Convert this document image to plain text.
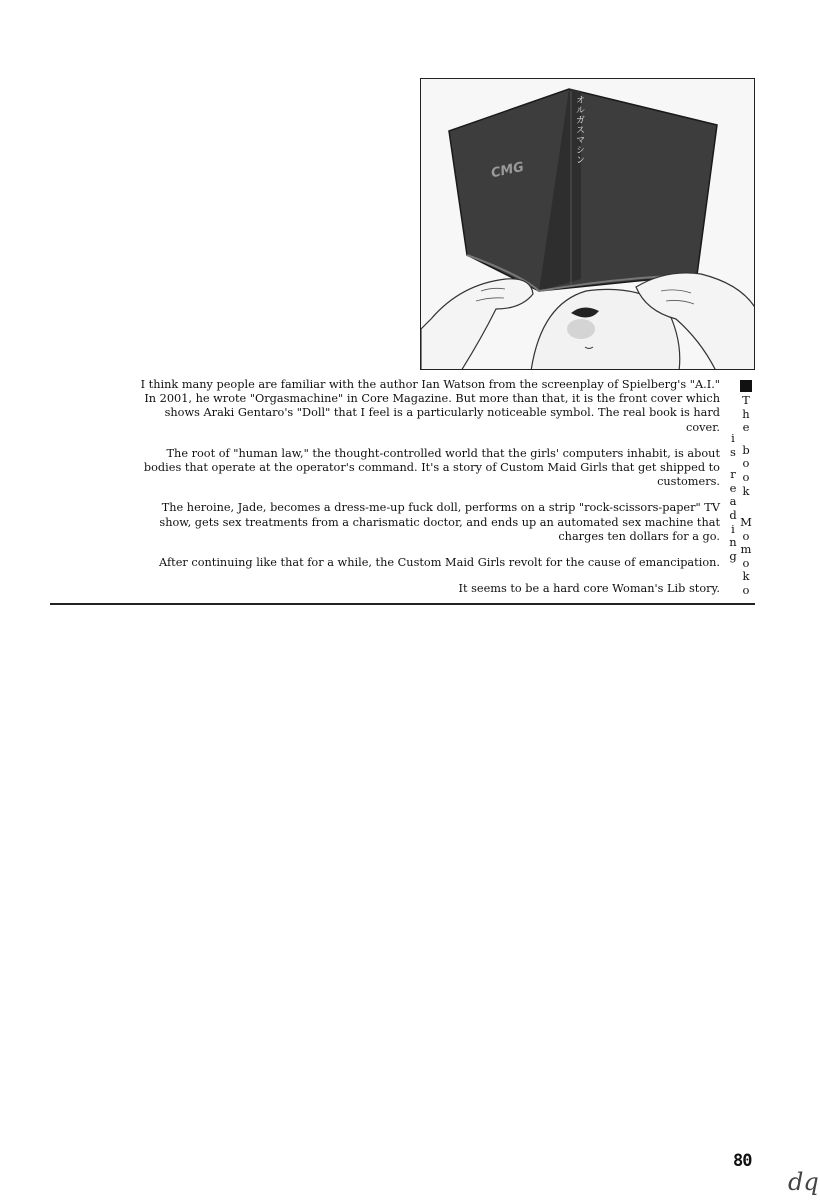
オルガスマシン
CMG

I think many people are familiar with the author Ian Watson from the screenplay of Spielberg's "A.I." In 2001, he wrote "Orgasmachine" in Core Magazine. But more than that, it is the front cover which shows Araki Gentaro's "Doll" that I feel is a particularly noticeable symbol. The real book is hard cover.

The root of "human law," the thought-controlled world that the girls' computers inhabit, is about bodies that operate at the operator's command. It's a story of Custom Maid Girls that get shipped to customers.

The heroine, Jade, becomes a dress-me-up fuck doll, performs on a strip "rock-scissors-paper" TV show, gets sex treatments from a charismatic doctor, and ends up an automated sex machine that charges ten dollars for a go.

After continuing like that for a while, the Custom Maid Girls revolt for the cause of emancipation.

It seems to be a hard core Woman's Lib story.

T
h
e
b
o
o
k
i
s
r
e
a
d
i
n
g
M
o
m
o
k
o
80
dq
